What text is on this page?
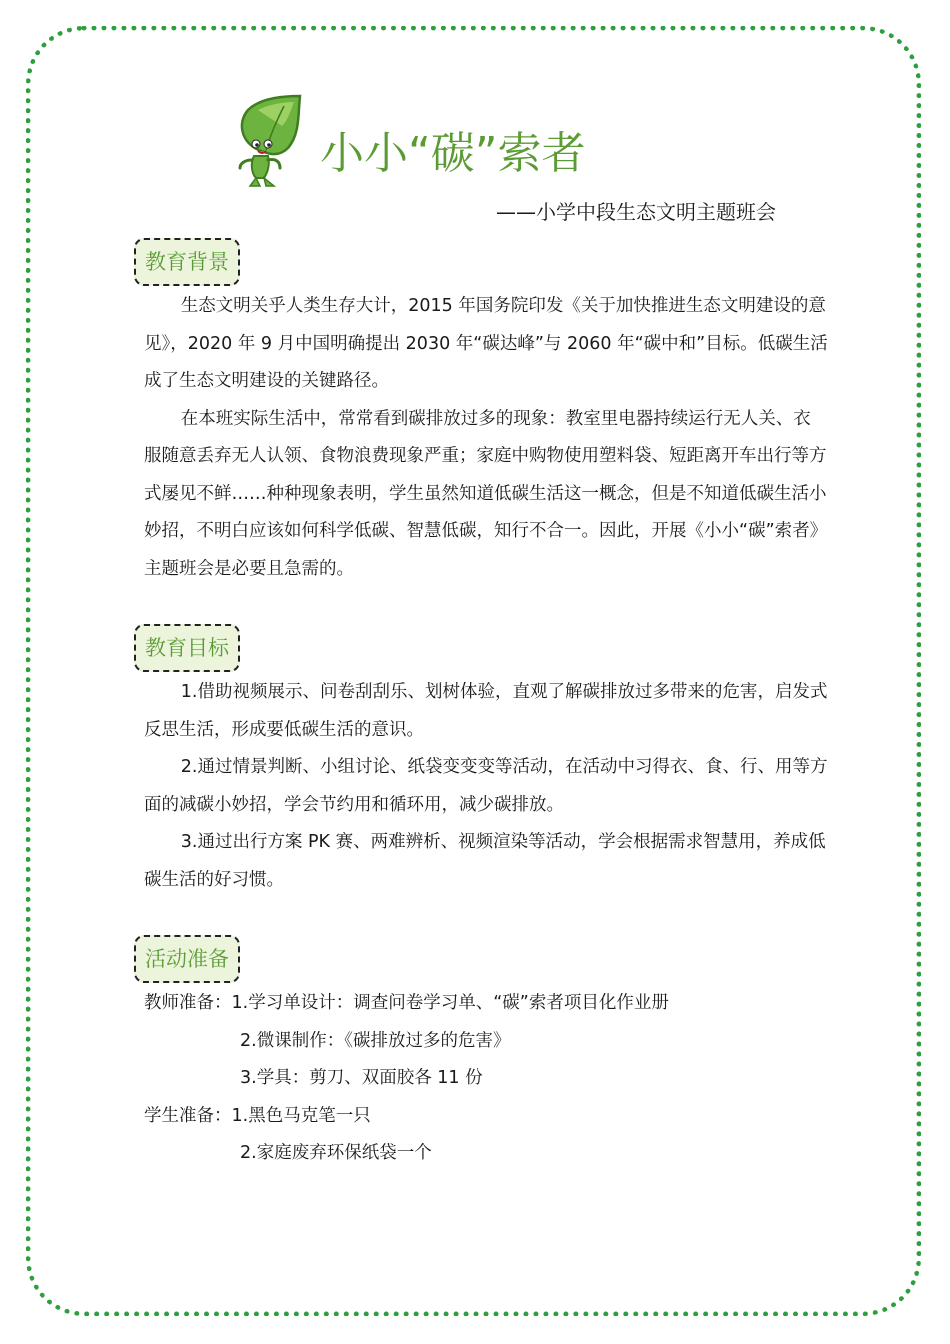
小小“碳”索者
——小学中段生态文明主题班会
教育背景

生态文明关乎人类生存大计，2015 年国务院印发《关于加快推进生态文明建设的意见》，2020 年 9 月中国明确提出 2030 年“碳达峰”与 2060 年“碳中和”目标。低碳生活成了生态文明建设的关键路径。

在本班实际生活中，常常看到碳排放过多的现象：教室里电器持续运行无人关、衣服随意丢弃无人认领、食物浪费现象严重；家庭中购物使用塑料袋、短距离开车出行等方式屡见不鲜……种种现象表明，学生虽然知道低碳生活这一概念，但是不知道低碳生活小妙招，不明白应该如何科学低碳、智慧低碳，知行不合一。因此，开展《小小“碳”索者》主题班会是必要且急需的。

教育目标

1.借助视频展示、问卷刮刮乐、划树体验，直观了解碳排放过多带来的危害，启发式反思生活，形成要低碳生活的意识。

2.通过情景判断、小组讨论、纸袋变变变等活动，在活动中习得衣、食、行、用等方面的减碳小妙招，学会节约用和循环用，减少碳排放。

3.通过出行方案 PK 赛、两难辨析、视频渲染等活动，学会根据需求智慧用，养成低碳生活的好习惯。

活动准备
教师准备：1.学习单设计：调查问卷学习单、“碳”索者项目化作业册
2.微课制作：《碳排放过多的危害》
3.学具：剪刀、双面胶各 11 份
学生准备：1.黑色马克笔一只
2.家庭废弃环保纸袋一个
